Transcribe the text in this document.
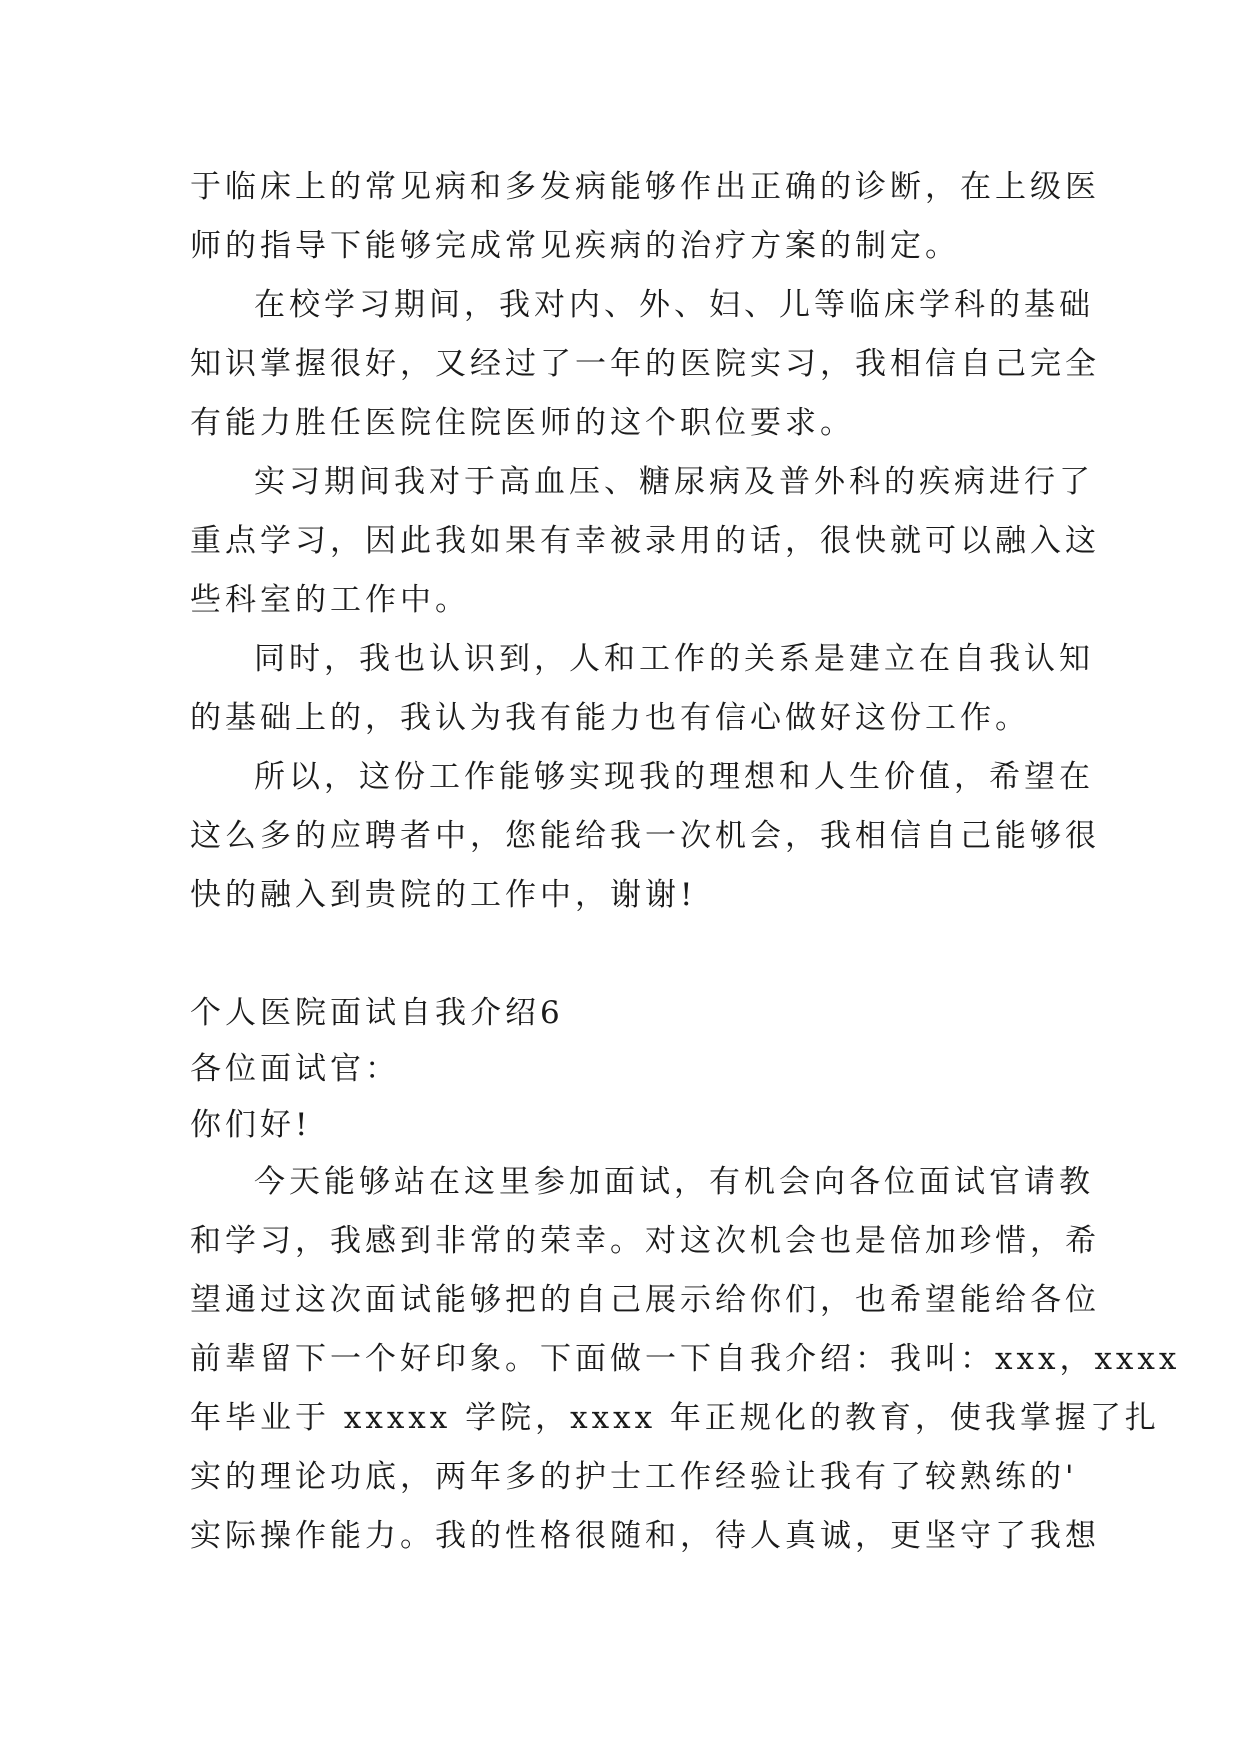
于临床上的常见病和多发病能够作出正确的诊断，在上级医
师的指导下能够完成常见疾病的治疗方案的制定。
在校学习期间，我对内、外、妇、儿等临床学科的基础
知识掌握很好，又经过了一年的医院实习，我相信自己完全
有能力胜任医院住院医师的这个职位要求。
实习期间我对于高血压、糖尿病及普外科的疾病进行了
重点学习，因此我如果有幸被录用的话，很快就可以融入这
些科室的工作中。
同时，我也认识到，人和工作的关系是建立在自我认知
的基础上的，我认为我有能力也有信心做好这份工作。
所以，这份工作能够实现我的理想和人生价值，希望在
这么多的应聘者中，您能给我一次机会，我相信自己能够很
快的融入到贵院的工作中，谢谢!
个人医院面试自我介绍6
各位面试官：
你们好!
今天能够站在这里参加面试，有机会向各位面试官请教
和学习，我感到非常的荣幸。对这次机会也是倍加珍惜，希
望通过这次面试能够把的自己展示给你们，也希望能给各位
前辈留下一个好印象。下面做一下自我介绍：我叫：xxx，xxxx
年毕业于 xxxxx 学院，xxxx 年正规化的教育，使我掌握了扎
实的理论功底，两年多的护士工作经验让我有了较熟练的'
实际操作能力。我的性格很随和，待人真诚，更坚守了我想
